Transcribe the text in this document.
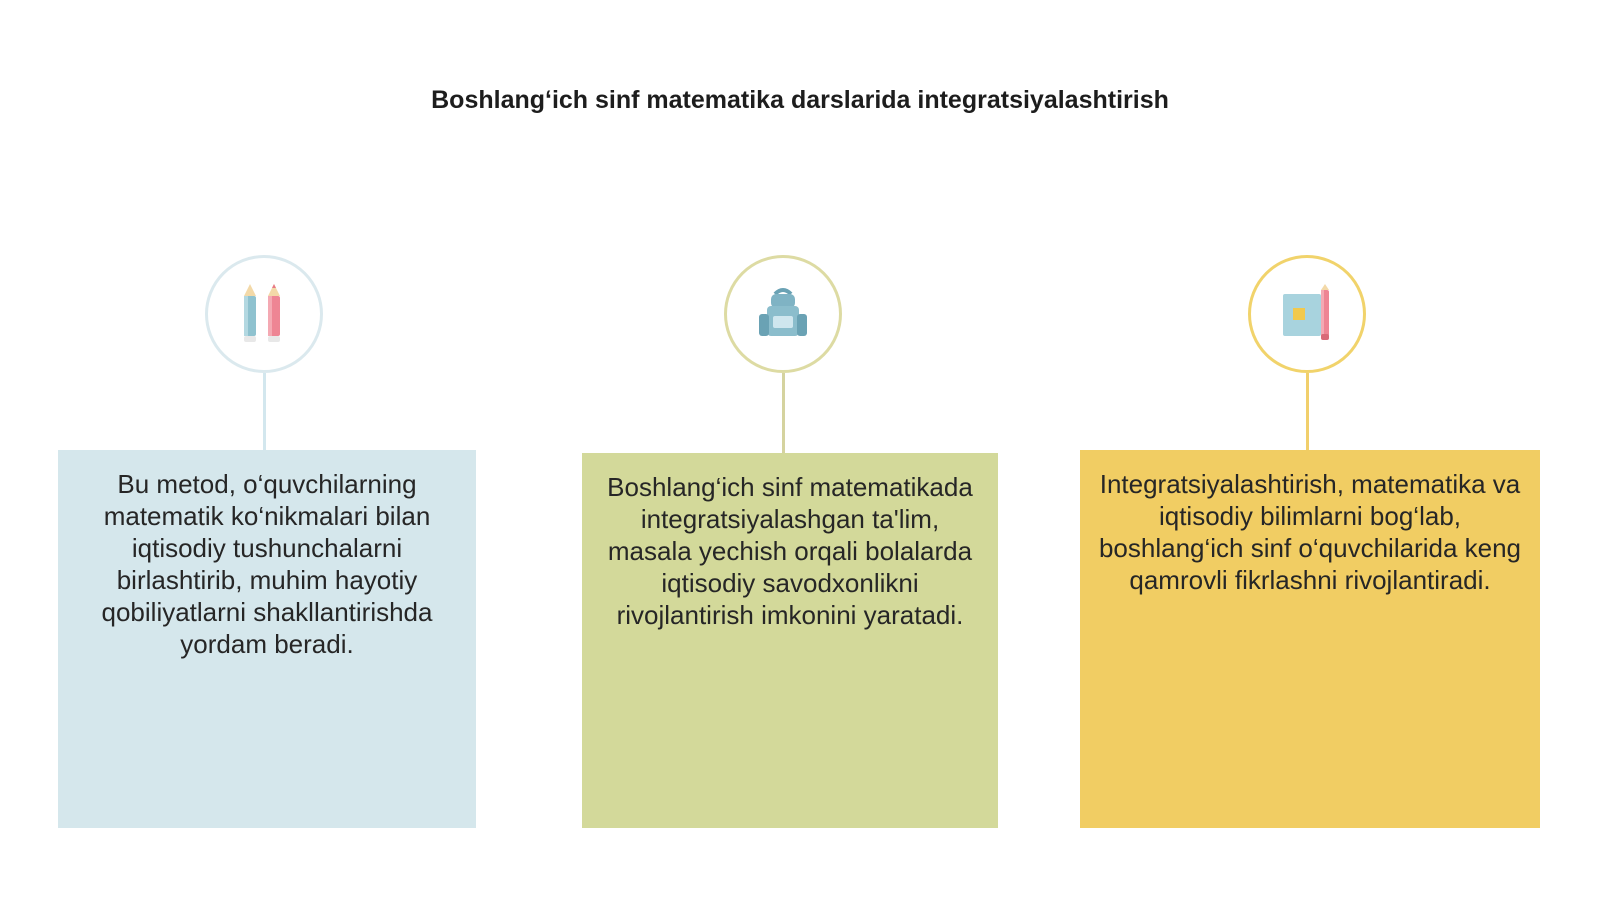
Boshlang‘ich sinf matematika darslarida integratsiyalashtirish
Bu metod, o‘quvchilarning matematik ko‘nikmalari bilan iqtisodiy tushunchalarni birlashtirib, muhim hayotiy qobiliyatlarni shakllantirishda yordam beradi.
Boshlang‘ich sinf matematikada integratsiyalashgan ta'lim, masala yechish orqali bolalarda iqtisodiy savodxonlikni rivojlantirish imkonini yaratadi.
Integratsiyalashtirish, matematika va iqtisodiy bilimlarni bog‘lab, boshlang‘ich sinf o‘quvchilarida keng qamrovli fikrlashni rivojlantiradi.
